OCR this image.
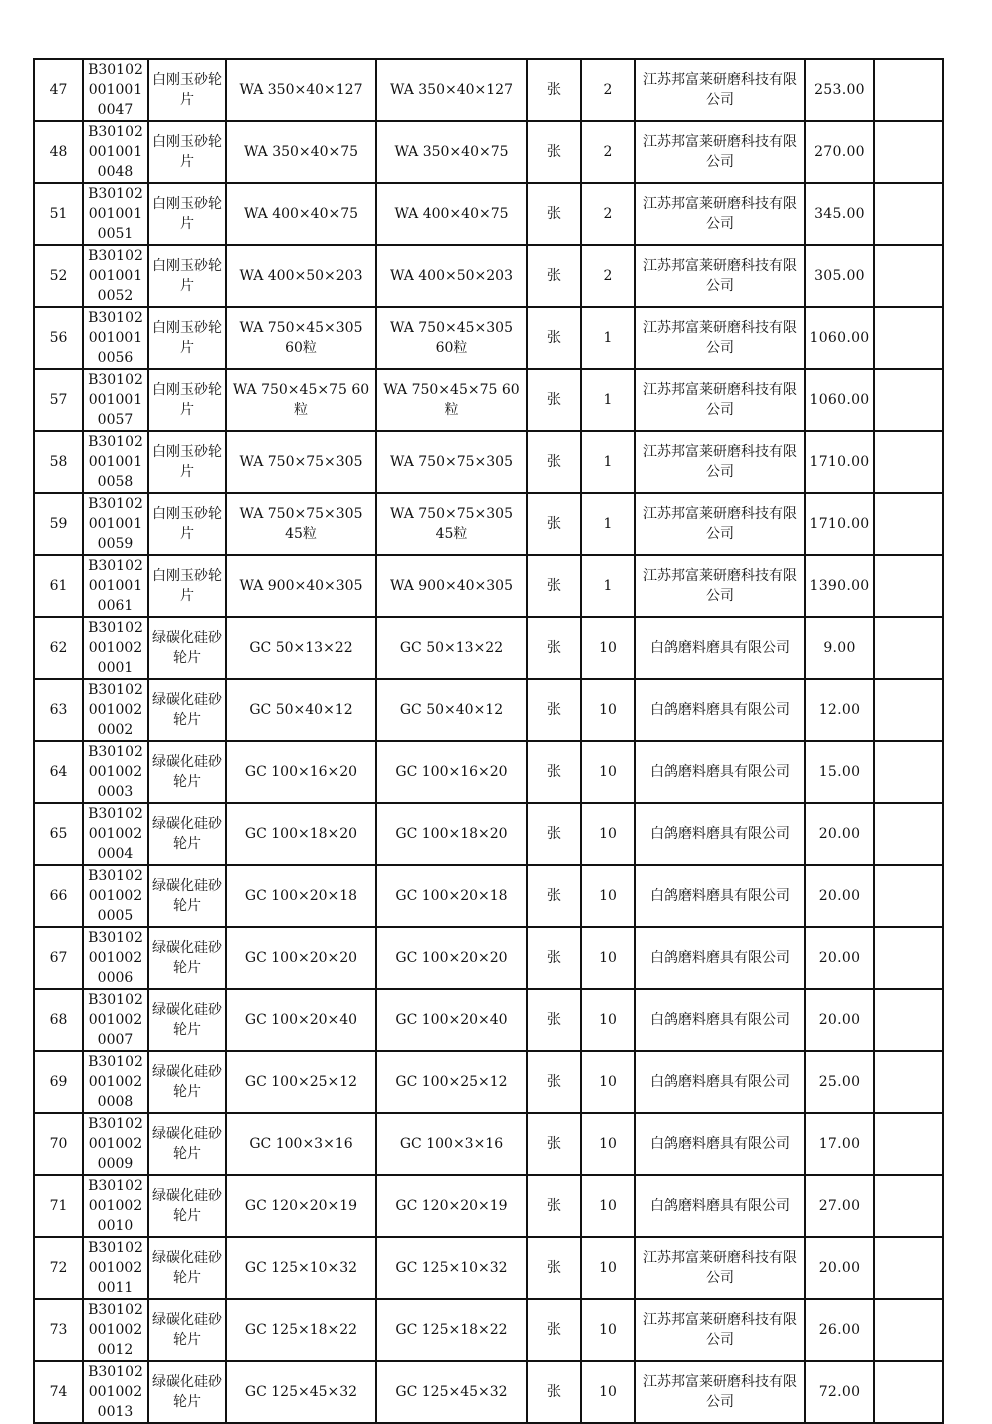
47	B301020010010047	白刚玉砂轮片	WA 350×40×127	WA 350×40×127	张	2	江苏邦富莱研磨科技有限公司	253.00	
48	B301020010010048	白刚玉砂轮片	WA 350×40×75	WA 350×40×75	张	2	江苏邦富莱研磨科技有限公司	270.00	
51	B301020010010051	白刚玉砂轮片	WA 400×40×75	WA 400×40×75	张	2	江苏邦富莱研磨科技有限公司	345.00	
52	B301020010010052	白刚玉砂轮片	WA 400×50×203	WA 400×50×203	张	2	江苏邦富莱研磨科技有限公司	305.00	
56	B301020010010056	白刚玉砂轮片	WA 750×45×305 60粒	WA 750×45×305 60粒	张	1	江苏邦富莱研磨科技有限公司	1060.00	
57	B301020010010057	白刚玉砂轮片	WA 750×45×75 60粒	WA 750×45×75 60粒	张	1	江苏邦富莱研磨科技有限公司	1060.00	
58	B301020010010058	白刚玉砂轮片	WA 750×75×305	WA 750×75×305	张	1	江苏邦富莱研磨科技有限公司	1710.00	
59	B301020010010059	白刚玉砂轮片	WA 750×75×305 45粒	WA 750×75×305 45粒	张	1	江苏邦富莱研磨科技有限公司	1710.00	
61	B301020010010061	白刚玉砂轮片	WA 900×40×305	WA 900×40×305	张	1	江苏邦富莱研磨科技有限公司	1390.00	
62	B301020010020001	绿碳化硅砂轮片	GC 50×13×22	GC 50×13×22	张	10	白鸽磨料磨具有限公司	9.00	
63	B301020010020002	绿碳化硅砂轮片	GC 50×40×12	GC 50×40×12	张	10	白鸽磨料磨具有限公司	12.00	
64	B301020010020003	绿碳化硅砂轮片	GC 100×16×20	GC 100×16×20	张	10	白鸽磨料磨具有限公司	15.00	
65	B301020010020004	绿碳化硅砂轮片	GC 100×18×20	GC 100×18×20	张	10	白鸽磨料磨具有限公司	20.00	
66	B301020010020005	绿碳化硅砂轮片	GC 100×20×18	GC 100×20×18	张	10	白鸽磨料磨具有限公司	20.00	
67	B301020010020006	绿碳化硅砂轮片	GC 100×20×20	GC 100×20×20	张	10	白鸽磨料磨具有限公司	20.00	
68	B301020010020007	绿碳化硅砂轮片	GC 100×20×40	GC 100×20×40	张	10	白鸽磨料磨具有限公司	20.00	
69	B301020010020008	绿碳化硅砂轮片	GC 100×25×12	GC 100×25×12	张	10	白鸽磨料磨具有限公司	25.00	
70	B301020010020009	绿碳化硅砂轮片	GC 100×3×16	GC 100×3×16	张	10	白鸽磨料磨具有限公司	17.00	
71	B301020010020010	绿碳化硅砂轮片	GC 120×20×19	GC 120×20×19	张	10	白鸽磨料磨具有限公司	27.00	
72	B301020010020011	绿碳化硅砂轮片	GC 125×10×32	GC 125×10×32	张	10	江苏邦富莱研磨科技有限公司	20.00	
73	B301020010020012	绿碳化硅砂轮片	GC 125×18×22	GC 125×18×22	张	10	江苏邦富莱研磨科技有限公司	26.00	
74	B301020010020013	绿碳化硅砂轮片	GC 125×45×32	GC 125×45×32	张	10	江苏邦富莱研磨科技有限公司	72.00	
